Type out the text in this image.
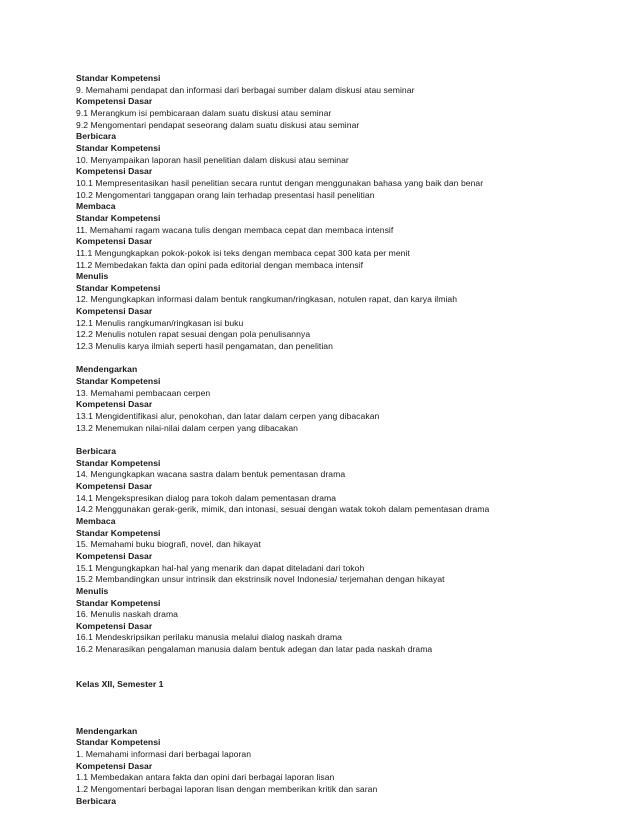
Standar Kompetensi
9. Memahami pendapat dan informasi dari berbagai sumber dalam diskusi atau seminar
Kompetensi Dasar
9.1 Merangkum isi pembicaraan dalam suatu diskusi atau seminar
9.2 Mengomentari pendapat seseorang dalam suatu diskusi atau seminar
Berbicara
Standar Kompetensi
10. Menyampaikan laporan hasil penelitian dalam diskusi atau seminar
Kompetensi Dasar
10.1 Mempresentasikan hasil penelitian secara runtut dengan menggunakan bahasa yang baik dan benar
10.2 Mengomentari tanggapan orang lain terhadap presentasi hasil penelitian
Membaca
Standar Kompetensi
11. Memahami ragam wacana tulis dengan membaca cepat dan membaca intensif
Kompetensi Dasar
11.1 Mengungkapkan pokok-pokok isi teks dengan membaca cepat 300 kata per menit
11.2 Membedakan fakta dan opini pada editorial dengan membaca intensif
Menulis
Standar Kompetensi
12. Mengungkapkan informasi dalam bentuk rangkuman/ringkasan, notulen rapat, dan karya ilmiah
Kompetensi Dasar
12.1 Menulis rangkuman/ringkasan isi buku
12.2 Menulis notulen rapat sesuai dengan pola penulisannya
12.3 Menulis karya ilmiah seperti hasil pengamatan, dan penelitian
Mendengarkan
Standar Kompetensi
13. Memahami pembacaan cerpen
Kompetensi Dasar
13.1 Mengidentifikasi alur, penokohan, dan latar dalam cerpen yang dibacakan
13.2 Menemukan nilai-nilai dalam cerpen yang dibacakan
Berbicara
Standar Kompetensi
14. Mengungkapkan wacana sastra dalam bentuk pementasan drama
Kompetensi Dasar
14.1 Mengekspresikan dialog para tokoh dalam pementasan drama
14.2 Menggunakan gerak-gerik, mimik, dan intonasi, sesuai dengan watak tokoh dalam pementasan drama
Membaca
Standar Kompetensi
15. Memahami buku biografi, novel, dan hikayat
Kompetensi Dasar
15.1 Mengungkapkan hal-hal yang menarik dan dapat diteladani dari tokoh
15.2 Membandingkan unsur intrinsik dan ekstrinsik novel Indonesia/ terjemahan dengan hikayat
Menulis
Standar Kompetensi
16. Menulis naskah drama
Kompetensi Dasar
16.1 Mendeskripsikan perilaku manusia melalui dialog naskah drama
16.2 Menarasikan pengalaman manusia dalam bentuk adegan dan latar pada naskah drama
Kelas XII, Semester 1
Mendengarkan
Standar Kompetensi
1. Memahami informasi dari berbagai laporan
Kompetensi Dasar
1.1 Membedakan antara fakta dan opini dari berbagai laporan lisan
1.2 Mengomentari berbagai laporan lisan dengan memberikan kritik dan saran
Berbicara
